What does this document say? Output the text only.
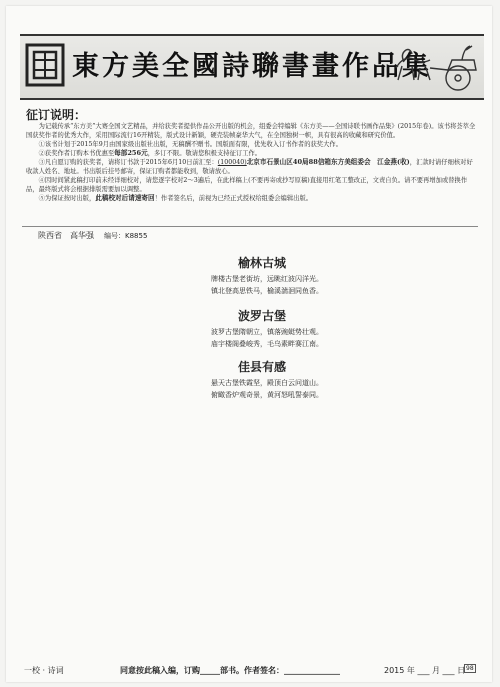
東方美全國詩聯書畫作品集
征订说明：

为记载传承“东方美”大赛全国文艺精品，并给获奖者提供作品公开出版的机会，组委会特编辑《东方美——全国诗联书画作品集》(2015年卷)。该书将荟萃全国获奖作者的优秀大作，采用国际流行16开精装，版式设计新颖，硬壳装帧豪华大气，在全国独树一帜，具有很高的收藏和研究价值。

①该书计划于2015年9月由国家级出版社出版，无稿酬不赠书。国版面有限，优先收入订书作者的获奖大作。

②获奖作者订购本书优惠至每部256元，多订不限。敬请您积极支持征订工作。

③凡自愿订购的获奖者，请将订书款于2015年6月10日前汇至：(100040)北京市石景山区40局88信箱东方美组委会　江金燕(收)，汇款时请仔细核对好收款人姓名、地址。书出版后挂号邮寄，保证订购者都能收到，敬请放心。

④因时间紧此稿打印前未经详细校对，请您逐字校对2～3遍后，在此样稿上(不要再寄或抄写原稿)直接用红笔工整改正，文责自负。请不要再增加或替换作品，最终版式将会根据排版需要加以调整。

⑤为保证按时出版，此稿校对后请速寄回！作者签名后，前视为已经正式授权给组委会编辑出版。

陕西省 高华强 编号：K8855
榆林古城
牌楼古堡老街坊，远眺红波闪洋光。
镇北登高思铁马，榆溪湍洄同鱼香。
波罗古堡
波罗古堡隋朝立，镇落豌蜓势壮观。
庙宇楼阁叠峻秀，毛乌素畔赛江南。
佳县有感
悬天古堡铁霞坚，殿顶白云问道山。
俯瞰香炉观奇景，黄河怒吼誓泰同。
一校 · 诗词	同意按此稿入编，订购_____部书。作者签名：______________	2015 年 ___ 月 ___ 日 98
